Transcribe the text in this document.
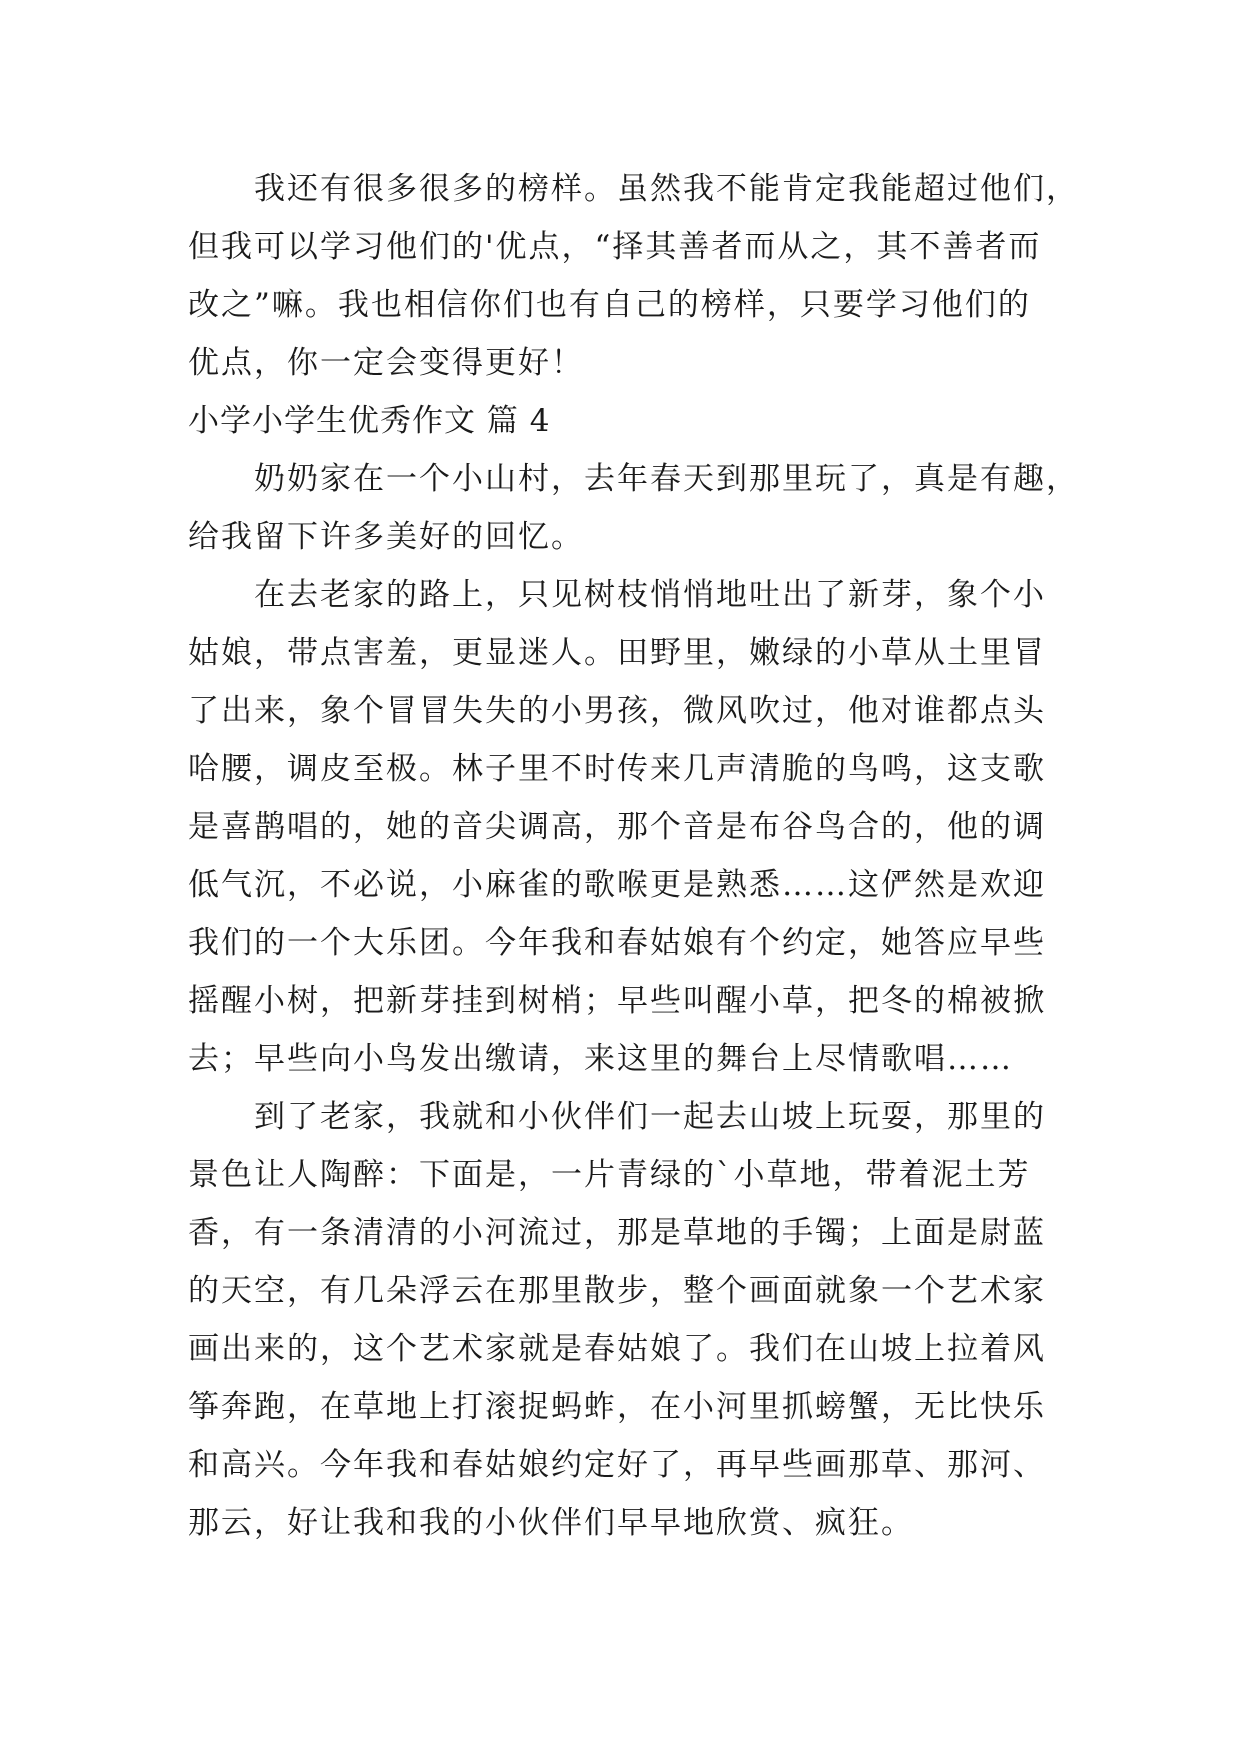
我还有很多很多的榜样。虽然我不能肯定我能超过他们，
但我可以学习他们的'优点，“择其善者而从之，其不善者而
改之”嘛。我也相信你们也有自己的榜样，只要学习他们的
优点，你一定会变得更好！
小学小学生优秀作文 篇 4
奶奶家在一个小山村，去年春天到那里玩了，真是有趣，
给我留下许多美好的回忆。
在去老家的路上，只见树枝悄悄地吐出了新芽，象个小
姑娘，带点害羞，更显迷人。田野里，嫩绿的小草从土里冒
了出来，象个冒冒失失的小男孩，微风吹过，他对谁都点头
哈腰，调皮至极。林子里不时传来几声清脆的鸟鸣，这支歌
是喜鹊唱的，她的音尖调高，那个音是布谷鸟合的，他的调
低气沉，不必说，小麻雀的歌喉更是熟悉……这俨然是欢迎
我们的一个大乐团。今年我和春姑娘有个约定，她答应早些
摇醒小树，把新芽挂到树梢；早些叫醒小草，把冬的棉被掀
去；早些向小鸟发出缴请，来这里的舞台上尽情歌唱……
到了老家，我就和小伙伴们一起去山坡上玩耍，那里的
景色让人陶醉：下面是，一片青绿的`小草地，带着泥土芳
香，有一条清清的小河流过，那是草地的手镯；上面是尉蓝
的天空，有几朵浮云在那里散步，整个画面就象一个艺术家
画出来的，这个艺术家就是春姑娘了。我们在山坡上拉着风
筝奔跑，在草地上打滚捉蚂蚱，在小河里抓螃蟹，无比快乐
和高兴。今年我和春姑娘约定好了，再早些画那草、那河、
那云，好让我和我的小伙伴们早早地欣赏、疯狂。
